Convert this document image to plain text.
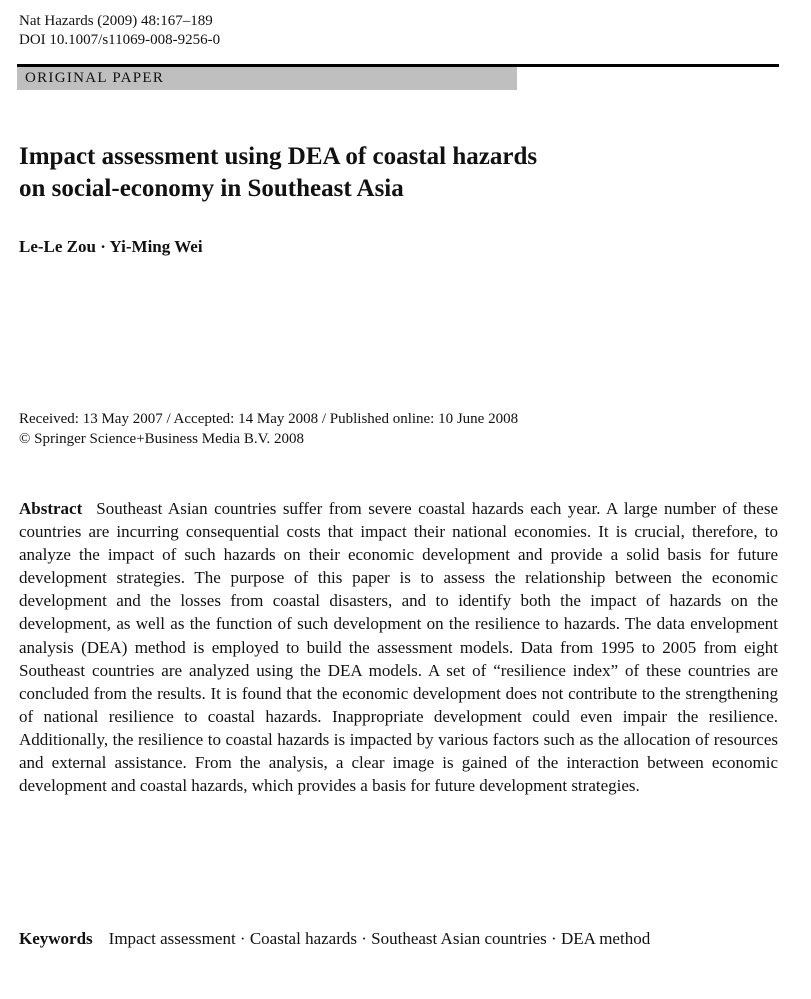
Nat Hazards (2009) 48:167–189
DOI 10.1007/s11069-008-9256-0
ORIGINAL PAPER
Impact assessment using DEA of coastal hazards
on social-economy in Southeast Asia
Le-Le Zou · Yi-Ming Wei
Received: 13 May 2007 / Accepted: 14 May 2008 / Published online: 10 June 2008
© Springer Science+Business Media B.V. 2008

Abstract Southeast Asian countries suffer from severe coastal hazards each year. A large number of these countries are incurring consequential costs that impact their national economies. It is crucial, therefore, to analyze the impact of such hazards on their economic development and provide a solid basis for future development strategies. The purpose of this paper is to assess the relationship between the economic development and the losses from coastal disasters, and to identify both the impact of hazards on the development, as well as the function of such development on the resilience to hazards. The data envelopment analysis (DEA) method is employed to build the assessment models. Data from 1995 to 2005 from eight Southeast countries are analyzed using the DEA models. A set of “resilience index” of these countries are concluded from the results. It is found that the economic development does not contribute to the strengthening of national resilience to coastal hazards. Inappropriate development could even impair the resilience. Additionally, the resilience to coastal hazards is impacted by various factors such as the allocation of resources and external assistance. From the analysis, a clear image is gained of the interaction between economic development and coastal hazards, which provides a basis for future development strategies.

Keywords Impact assessment · Coastal hazards · Southeast Asian countries · DEA method
